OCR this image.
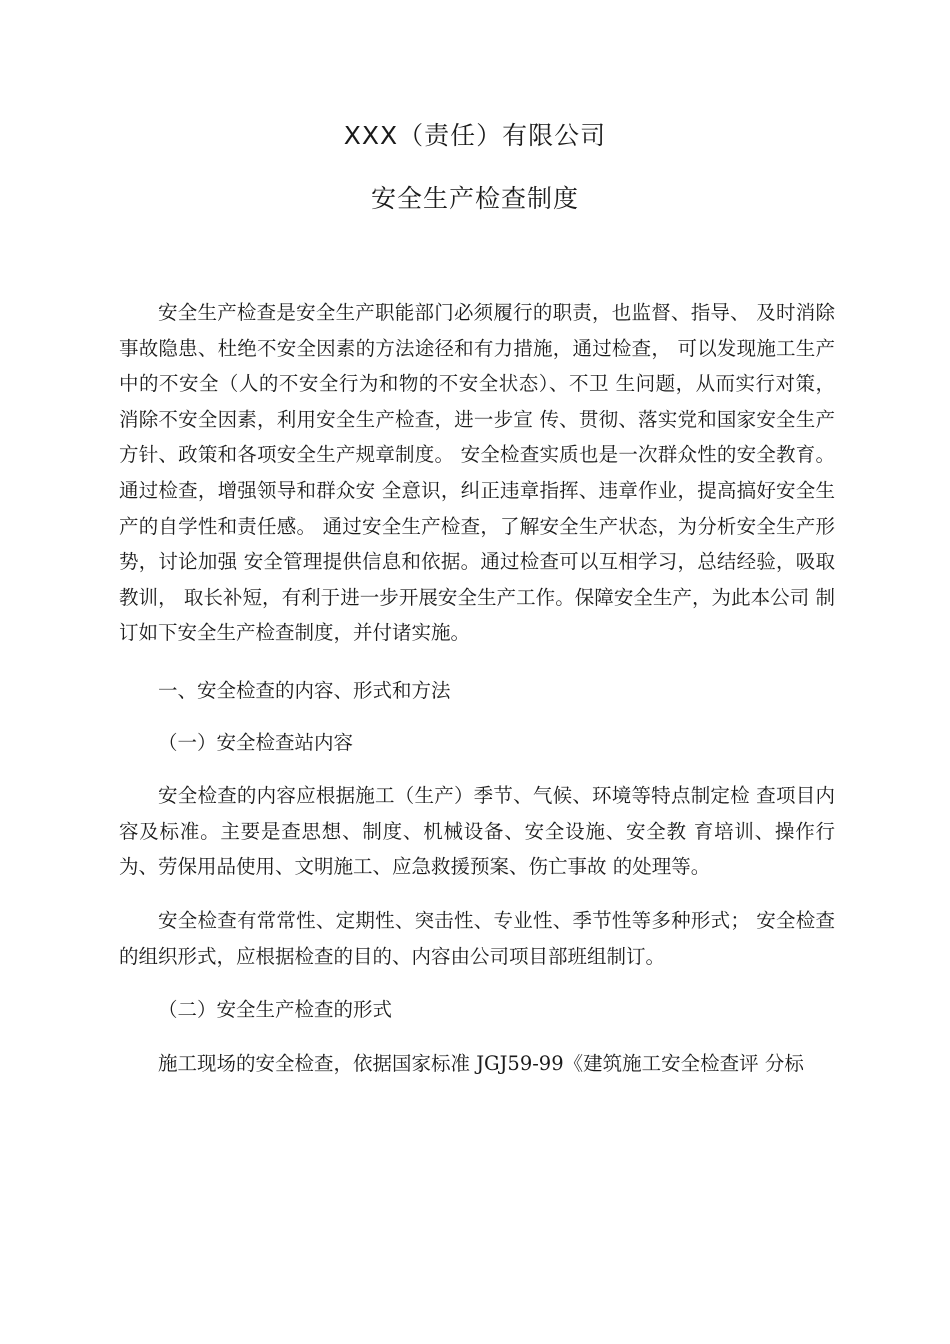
XXX（责任）有限公司
安全生产检查制度

安全生产检查是安全生产职能部门必须履行的职责，也监督、指导、 及时消除事故隐患、杜绝不安全因素的方法途径和有力措施，通过检查， 可以发现施工生产中的不安全（人的不安全行为和物的不安全状态）、不卫 生问题，从而实行对策，消除不安全因素，利用安全生产检查，进一步宣 传、贯彻、落实党和国家安全生产方针、政策和各项安全生产规章制度。 安全检查实质也是一次群众性的安全教育。通过检查，增强领导和群众安 全意识，纠正违章指挥、违章作业，提高搞好安全生产的自学性和责任感。 通过安全生产检查，了解安全生产状态，为分析安全生产形势，讨论加强 安全管理提供信息和依据。通过检查可以互相学习，总结经验，吸取教训， 取长补短，有利于进一步开展安全生产工作。保障安全生产，为此本公司 制订如下安全生产检查制度，并付诸实施。

一、安全检查的内容、形式和方法

（一）安全检查站内容

安全检查的内容应根据施工（生产）季节、气候、环境等特点制定检 查项目内容及标准。主要是查思想、制度、机械设备、安全设施、安全教 育培训、操作行为、劳保用品使用、文明施工、应急救援预案、伤亡事故 的处理等。

安全检查有常常性、定期性、突击性、专业性、季节性等多种形式； 安全检查的组织形式，应根据检查的目的、内容由公司项目部班组制订。

（二）安全生产检查的形式

施工现场的安全检查，依据国家标准 JGJ59-99《建筑施工安全检查评 分标
